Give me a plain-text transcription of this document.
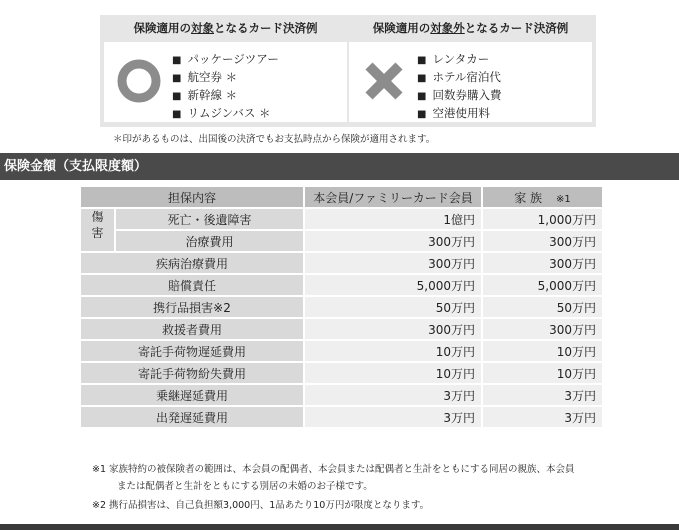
保険適用の対象となるカード決済例
■ パッケージツアー
■ 航空券 ＊
■ 新幹線 ＊
■ リムジンバス ＊
保険適用の対象外となるカード決済例
■ レンタカー
■ ホテル宿泊代
■ 回数券購入費
■ 空港使用料
＊印があるものは、出国後の決済でもお支払時点から保険が適用されます。
保険金額（支払限度額）
担保内容		本会員/ファミリーカード会員	家 族 ※1
傷害	死亡・後遺障害	1億円	1,000万円
	治療費用	300万円	300万円
疾病治療費用		300万円	300万円
賠償責任		5,000万円	5,000万円
携行品損害※2		50万円	50万円
救援者費用		300万円	300万円
寄託手荷物遅延費用		10万円	10万円
寄託手荷物紛失費用		10万円	10万円
乗継遅延費用		3万円	3万円
出発遅延費用		3万円	3万円
※1 家族特約の被保険者の範囲は、本会員の配偶者、本会員または配偶者と生計をともにする同居の親族、本会員
または配偶者と生計をともにする別居の未婚のお子様です。
※2 携行品損害は、自己負担額3,000円、1品あたり10万円が限度となります。
